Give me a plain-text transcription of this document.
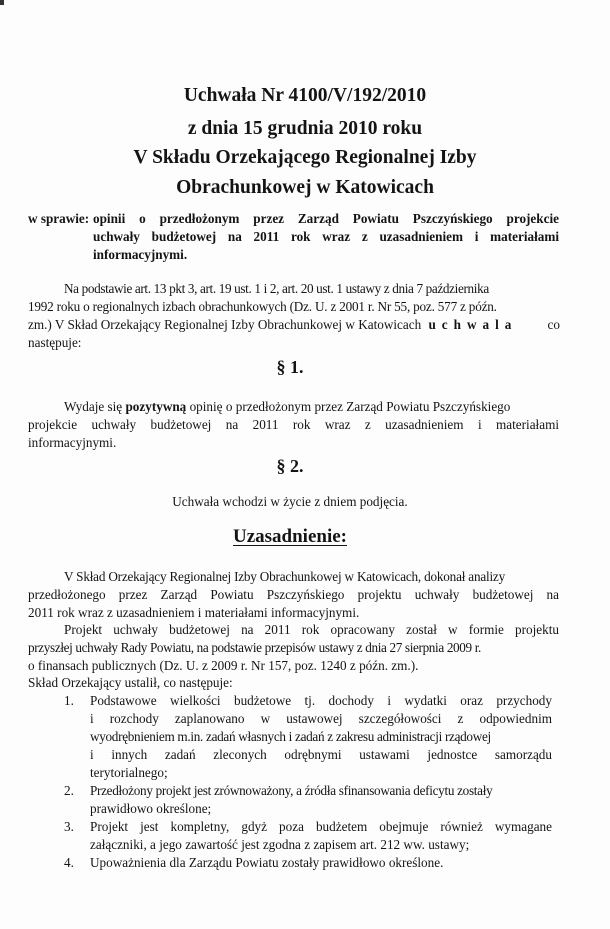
Uchwała Nr 4100/V/192/2010
z dnia 15 grudnia 2010 roku
V Składu Orzekającego Regionalnej Izby
Obrachunkowej w Katowicach
w sprawie: opinii o przedłożonym przez Zarząd Powiatu Pszczyńskiego projekcie
uchwały budżetowej na 2011 rok wraz z uzasadnieniem i materiałami
informacyjnymi.
Na podstawie art. 13 pkt 3, art. 19 ust. 1 i 2, art. 20 ust. 1 ustawy z dnia 7 października
1992 roku o regionalnych izbach obrachunkowych (Dz. U. z 2001 r. Nr 55, poz. 577 z późn.
zm.) V Skład Orzekający Regionalnej Izby Obrachunkowej w Katowicach uchwala co
następuje:
§ 1.
Wydaje się pozytywną opinię o przedłożonym przez Zarząd Powiatu Pszczyńskiego
projekcie uchwały budżetowej na 2011 rok wraz z uzasadnieniem i materiałami
informacyjnymi.
§ 2.
Uchwała wchodzi w życie z dniem podjęcia.
Uzasadnienie:
V Skład Orzekający Regionalnej Izby Obrachunkowej w Katowicach, dokonał analizy
przedłożonego przez Zarząd Powiatu Pszczyńskiego projektu uchwały budżetowej na
2011 rok wraz z uzasadnieniem i materiałami informacyjnymi.
Projekt uchwały budżetowej na 2011 rok opracowany został w formie projektu
przyszłej uchwały Rady Powiatu, na podstawie przepisów ustawy z dnia 27 sierpnia 2009 r.
o finansach publicznych (Dz. U. z 2009 r. Nr 157, poz. 1240 z późn. zm.).
Skład Orzekający ustalił, co następuje:
1. Podstawowe wielkości budżetowe tj. dochody i wydatki oraz przychody
i rozchody zaplanowano w ustawowej szczegółowości z odpowiednim
wyodrębnieniem m.in. zadań własnych i zadań z zakresu administracji rządowej
i innych zadań zleconych odrębnymi ustawami jednostce samorządu
terytorialnego;
2. Przedłożony projekt jest zrównoważony, a źródła sfinansowania deficytu zostały
prawidłowo określone;
3. Projekt jest kompletny, gdyż poza budżetem obejmuje również wymagane
załączniki, a jego zawartość jest zgodna z zapisem art. 212 ww. ustawy;
4. Upoważnienia dla Zarządu Powiatu zostały prawidłowo określone.
